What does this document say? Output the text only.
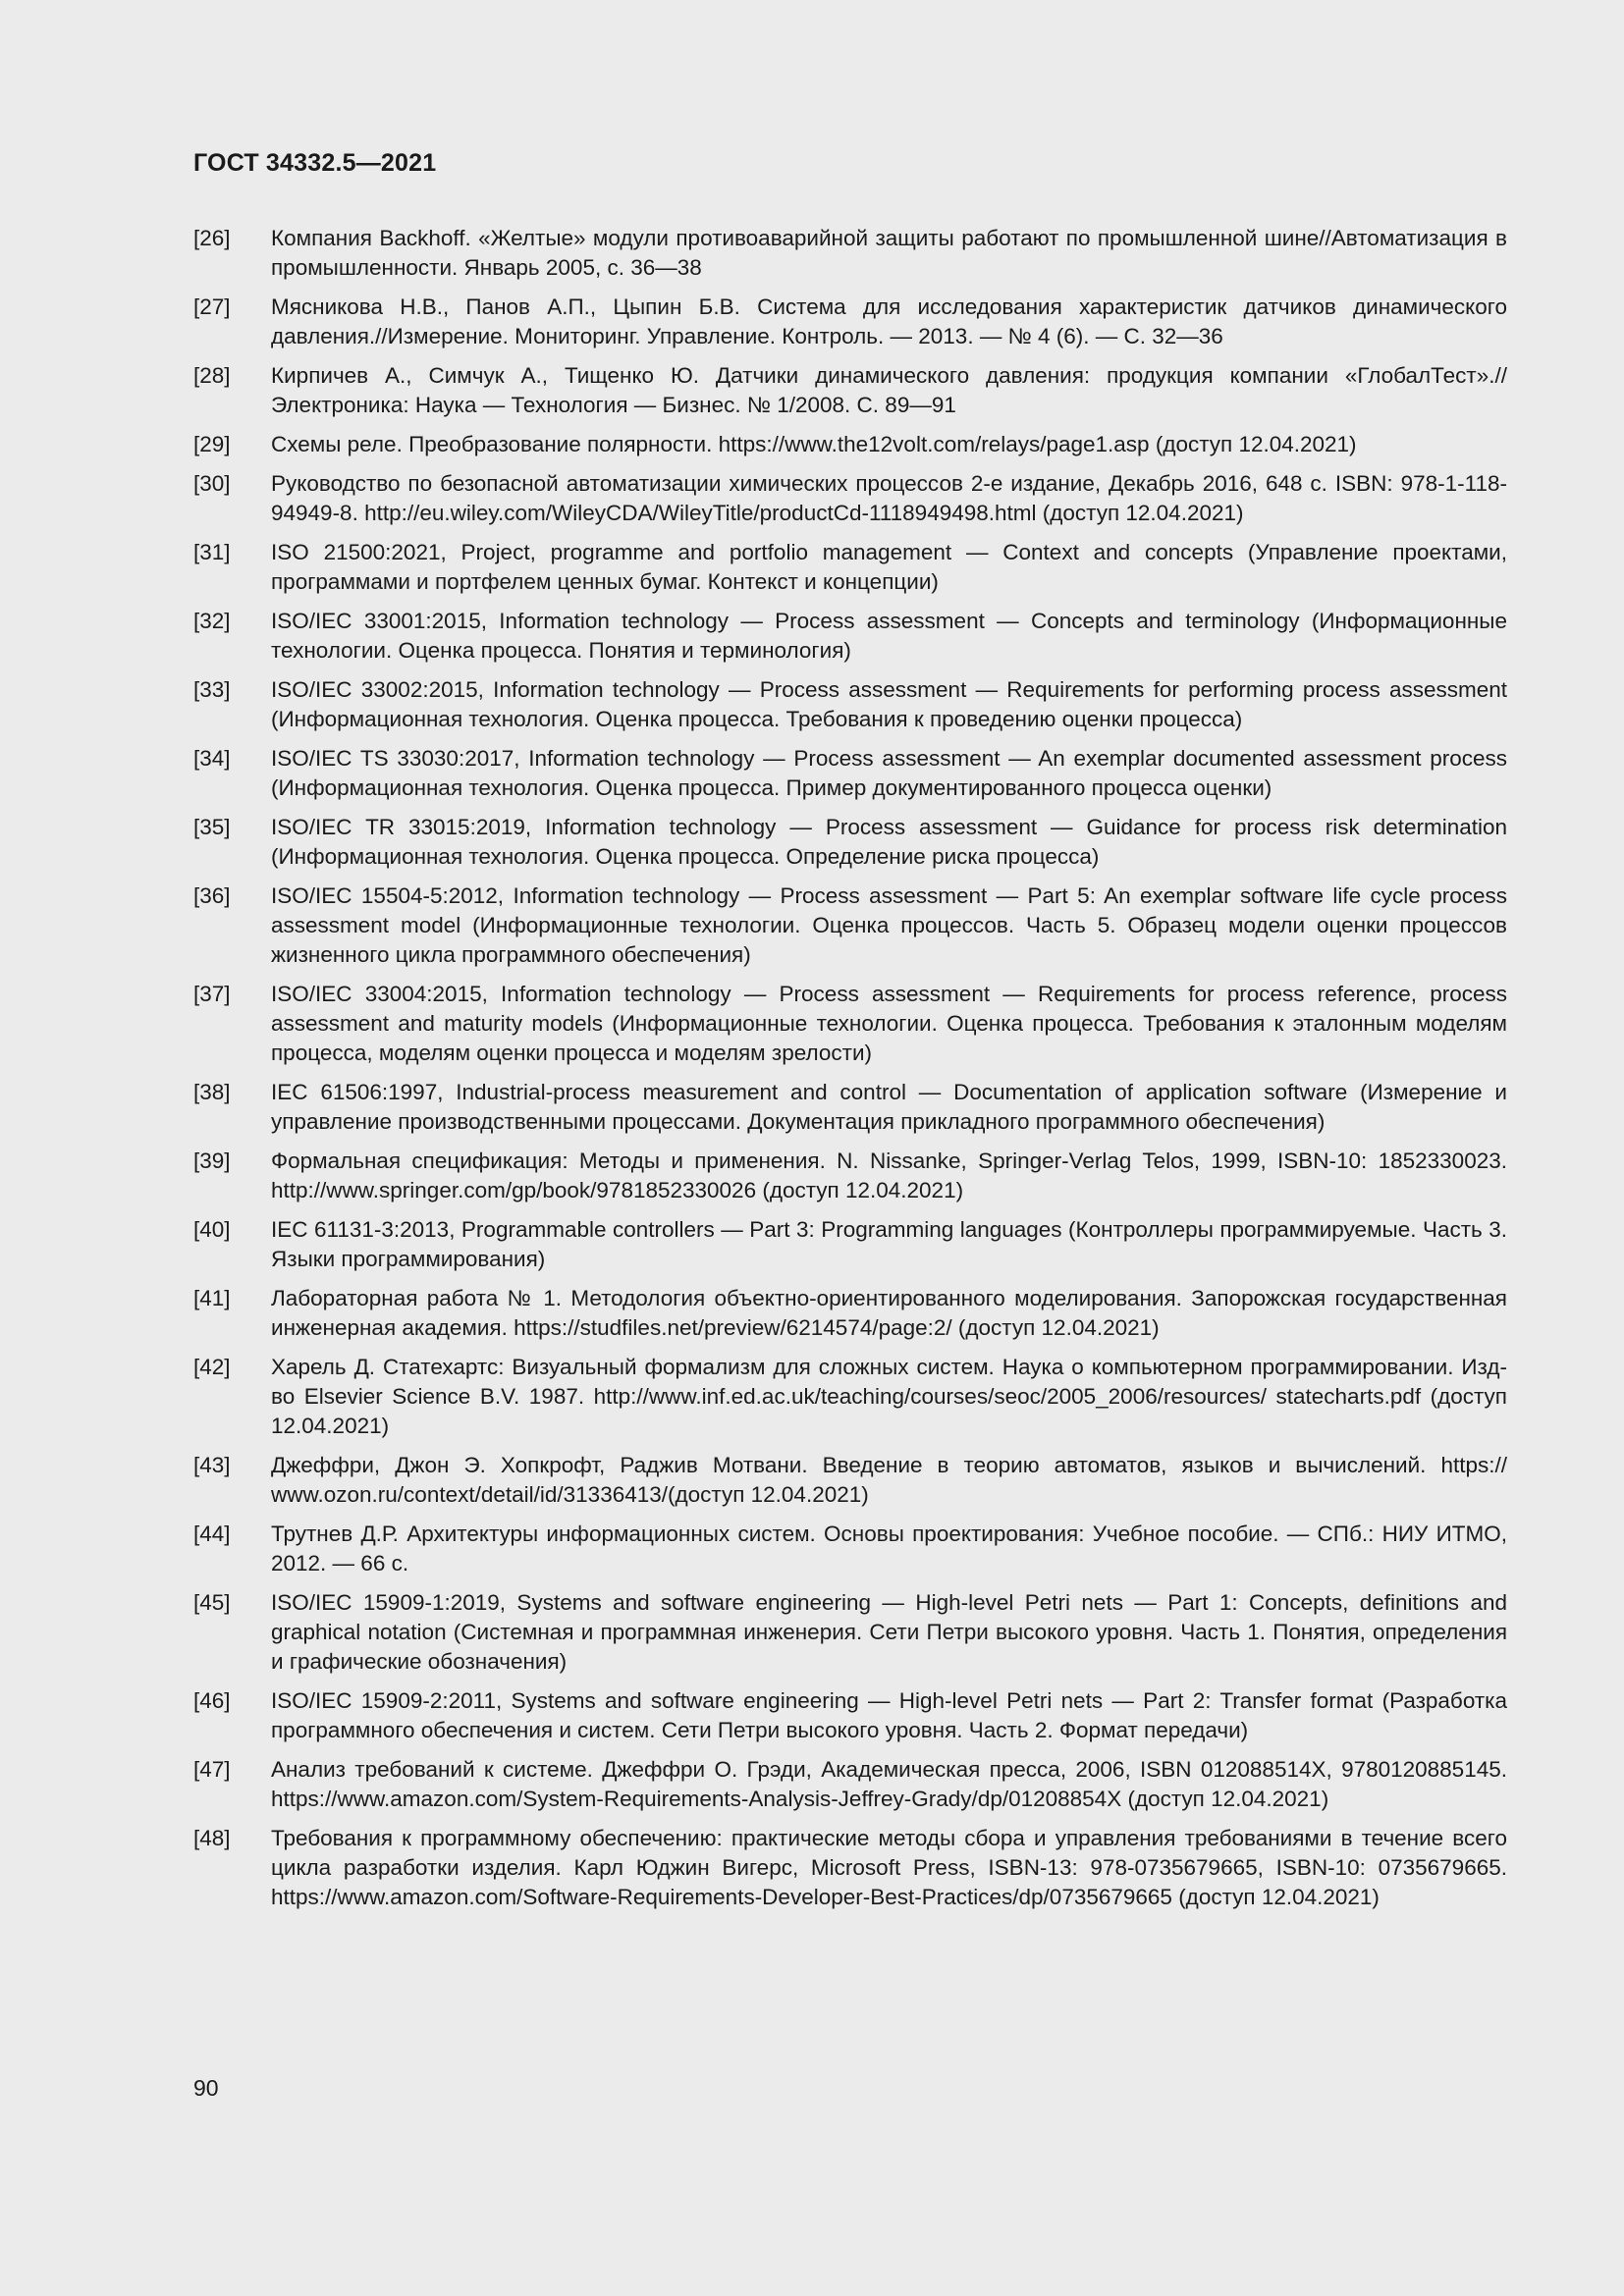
ГОСТ 34332.5—2021
[26]	Компания Backhoff. «Желтые» модули противоаварийной защиты работают по промышленной шине//Автоматизация в промышленности. Январь 2005, с. 36—38
[27]	Мясникова Н.В., Панов А.П., Цыпин Б.В. Система для исследования характеристик датчиков динамического давления.//Измерение. Мониторинг. Управление. Контроль. — 2013. — № 4 (6). — С. 32—36
[28]	Кирпичев А., Симчук А., Тищенко Ю. Датчики динамического давления: продукция компании «ГлобалТест».// Электроника: Наука — Технология — Бизнес. № 1/2008. С. 89—91
[29]	Схемы реле. Преобразование полярности. https://www.the12volt.com/relays/page1.asp (доступ 12.04.2021)
[30]	Руководство по безопасной автоматизации химических процессов 2-е издание, Декабрь 2016, 648 с. ISBN: 978-1-118-94949-8. http://eu.wiley.com/WileyCDA/WileyTitle/productCd-1118949498.html (доступ 12.04.2021)
[31]	ISO 21500:2021, Project, programme and portfolio management — Context and concepts (Управление проектами, программами и портфелем ценных бумаг. Контекст и концепции)
[32]	ISO/IEC 33001:2015, Information technology — Process assessment — Concepts and terminology (Информационные технологии. Оценка процесса. Понятия и терминология)
[33]	ISO/IEC 33002:2015, Information technology — Process assessment — Requirements for performing process assessment (Информационная технология. Оценка процесса. Требования к проведению оценки процесса)
[34]	ISO/IEC TS 33030:2017, Information technology — Process assessment — An exemplar documented assessment process (Информационная технология. Оценка процесса. Пример документированного процесса оценки)
[35]	ISO/IEC TR 33015:2019, Information technology — Process assessment — Guidance for process risk determination (Информационная технология. Оценка процесса. Определение риска процесса)
[36]	ISO/IEC 15504-5:2012, Information technology — Process assessment — Part 5: An exemplar software life cycle process assessment model (Информационные технологии. Оценка процессов. Часть 5. Образец модели оценки процессов жизненного цикла программного обеспечения)
[37]	ISO/IEC 33004:2015, Information technology — Process assessment — Requirements for process reference, process assessment and maturity models (Информационные технологии. Оценка процесса. Требования к эталонным моделям процесса, моделям оценки процесса и моделям зрелости)
[38]	IEC 61506:1997, Industrial-process measurement and control — Documentation of application software (Измерение и управление производственными процессами. Документация прикладного программного обеспечения)
[39]	Формальная спецификация: Методы и применения. N. Nissanke, Springer-Verlag Telos, 1999, ISBN-10: 1852330023. http://www.springer.com/gp/book/9781852330026 (доступ 12.04.2021)
[40]	IEC 61131-3:2013, Programmable controllers — Part 3: Programming languages (Контроллеры программируемые. Часть 3. Языки программирования)
[41]	Лабораторная работа № 1. Методология объектно-ориентированного моделирования. Запорожская государственная инженерная академия. https://studfiles.net/preview/6214574/page:2/ (доступ 12.04.2021)
[42]	Харель Д. Статехартс: Визуальный формализм для сложных систем. Наука о компьютерном программировании. Изд-во Elsevier Science B.V. 1987. http://www.inf.ed.ac.uk/teaching/courses/seoc/2005_2006/resources/ statecharts.pdf (доступ 12.04.2021)
[43]	Джеффри, Джон Э. Хопкрофт, Раджив Мотвани. Введение в теорию автоматов, языков и вычислений. https:// www.ozon.ru/context/detail/id/31336413/(доступ 12.04.2021)
[44]	Трутнев Д.Р. Архитектуры информационных систем. Основы проектирования: Учебное пособие. — СПб.: НИУ ИТМО, 2012. — 66 с.
[45]	ISO/IEC 15909-1:2019, Systems and software engineering — High-level Petri nets — Part 1: Concepts, definitions and graphical notation (Системная и программная инженерия. Сети Петри высокого уровня. Часть 1. Понятия, определения и графические обозначения)
[46]	ISO/IEC 15909-2:2011, Systems and software engineering — High-level Petri nets — Part 2: Transfer format (Разработка программного обеспечения и систем. Сети Петри высокого уровня. Часть 2. Формат передачи)
[47]	Анализ требований к системе. Джеффри О. Грэди, Академическая пресса, 2006, ISBN 012088514X, 9780120885145. https://www.amazon.com/System-Requirements-Analysis-Jeffrey-Grady/dp/01208854X (доступ 12.04.2021)
[48]	Требования к программному обеспечению: практические методы сбора и управления требованиями в течение всего цикла разработки изделия. Карл Юджин Вигерс, Microsoft Press, ISBN-13: 978-0735679665, ISBN-10: 0735679665. https://www.amazon.com/Software-Requirements-Developer-Best-Practices/dp/0735679665 (доступ 12.04.2021)
90
